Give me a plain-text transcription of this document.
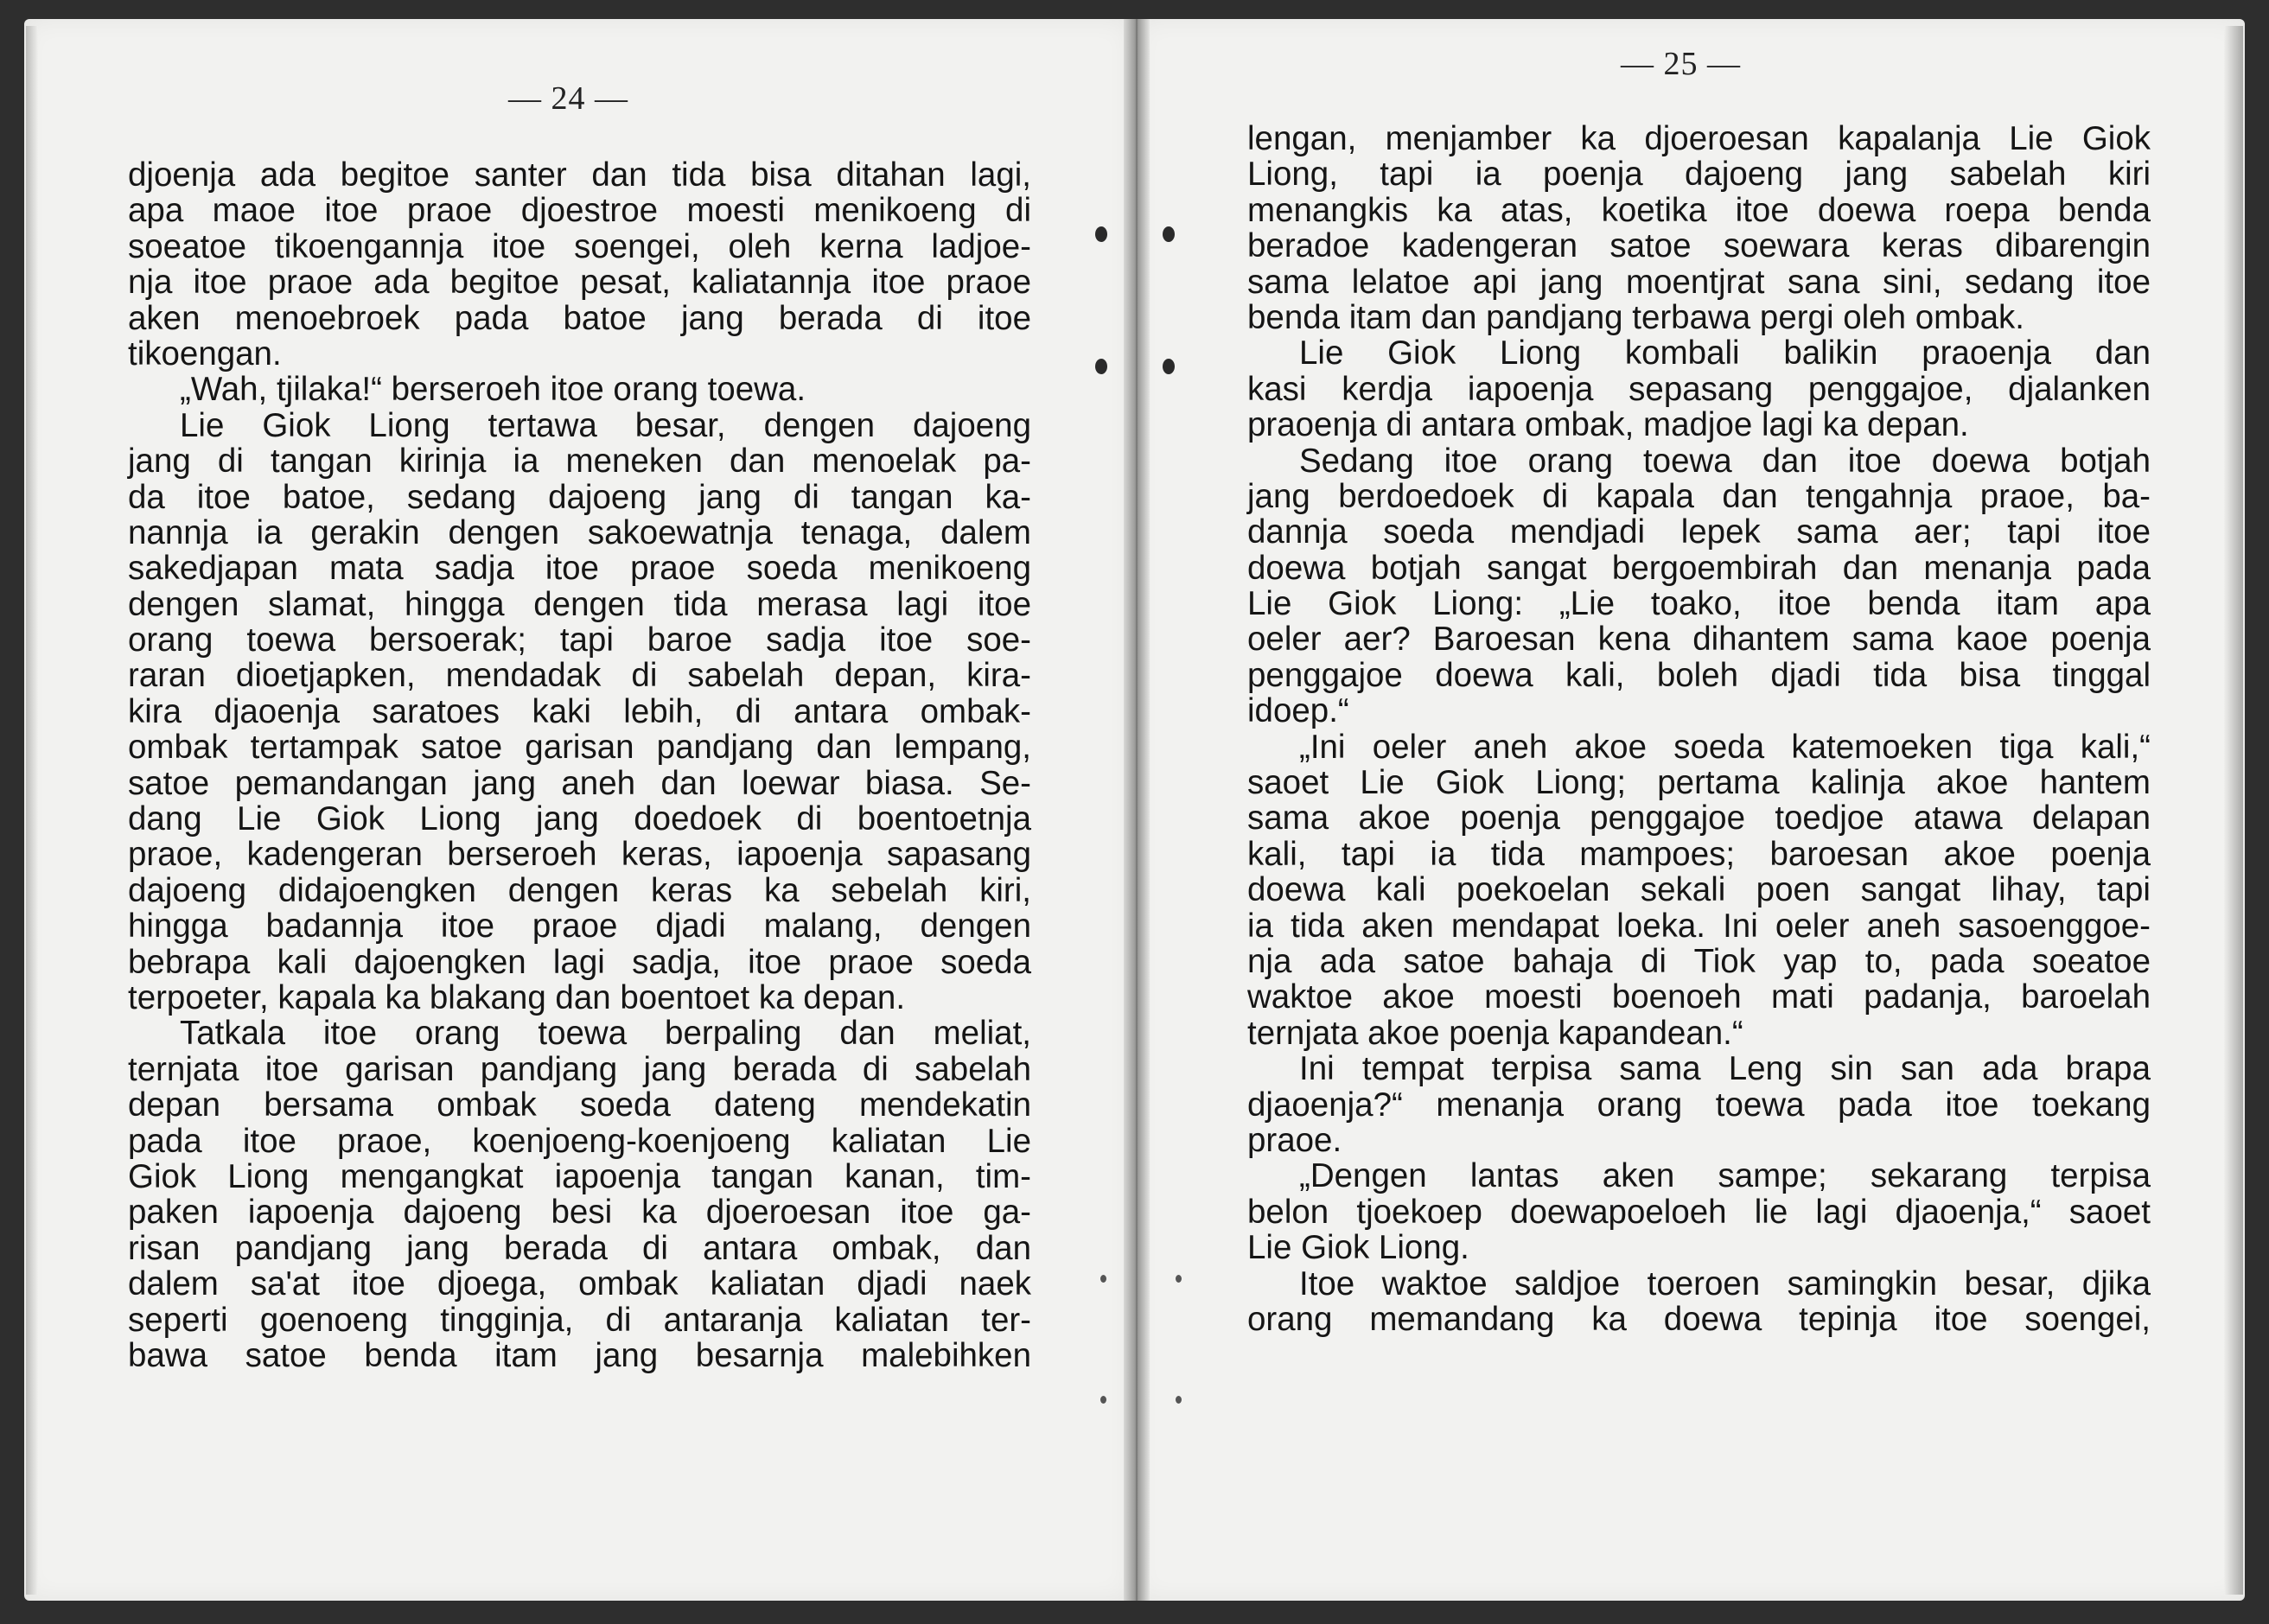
— 24 —
djoenja ada begitoe santer dan tida bisa ditahan lagi,
apa maoe itoe praoe djoestroe moesti menikoeng di
soeatoe tikoengannja itoe soengei, oleh kerna ladjoe-
nja itoe praoe ada begitoe pesat, kaliatannja itoe praoe
aken menoebroek pada batoe jang berada di itoe
tikoengan.
„Wah, tjilaka!“ berseroeh itoe orang toewa.
Lie Giok Liong tertawa besar, dengen dajoeng
jang di tangan kirinja ia meneken dan menoelak pa-
da itoe batoe, sedang dajoeng jang di tangan ka-
nannja ia gerakin dengen sakoewatnja tenaga, dalem
sakedjapan mata sadja itoe praoe soeda menikoeng
dengen slamat, hingga dengen tida merasa lagi itoe
orang toewa bersoerak; tapi baroe sadja itoe soe-
raran dioetjapken, mendadak di sabelah depan, kira-
kira djaoenja saratoes kaki lebih, di antara ombak-
ombak tertampak satoe garisan pandjang dan lempang,
satoe pemandangan jang aneh dan loewar biasa. Se-
dang Lie Giok Liong jang doedoek di boentoetnja
praoe, kadengeran berseroeh keras, iapoenja sapasang
dajoeng didajoengken dengen keras ka sebelah kiri,
hingga badannja itoe praoe djadi malang, dengen
bebrapa kali dajoengken lagi sadja, itoe praoe soeda
terpoeter, kapala ka blakang dan boentoet ka depan.
Tatkala itoe orang toewa berpaling dan meliat,
ternjata itoe garisan pandjang jang berada di sabelah
depan bersama ombak soeda dateng mendekatin
pada itoe praoe, koenjoeng-koenjoeng kaliatan Lie
Giok Liong mengangkat iapoenja tangan kanan, tim-
paken iapoenja dajoeng besi ka djoeroesan itoe ga-
risan pandjang jang berada di antara ombak, dan
dalem sa'at itoe djoega, ombak kaliatan djadi naek
seperti goenoeng tingginja, di antaranja kaliatan ter-
bawa satoe benda itam jang besarnja malebihken
— 25 —
lengan, menjamber ka djoeroesan kapalanja Lie Giok
Liong, tapi ia poenja dajoeng jang sabelah kiri
menangkis ka atas, koetika itoe doewa roepa benda
beradoe kadengeran satoe soewara keras dibarengin
sama lelatoe api jang moentjrat sana sini, sedang itoe
benda itam dan pandjang terbawa pergi oleh ombak.
Lie Giok Liong kombali balikin praoenja dan
kasi kerdja iapoenja sepasang penggajoe, djalanken
praoenja di antara ombak, madjoe lagi ka depan.
Sedang itoe orang toewa dan itoe doewa botjah
jang berdoedoek di kapala dan tengahnja praoe, ba-
dannja soeda mendjadi lepek sama aer; tapi itoe
doewa botjah sangat bergoembirah dan menanja pada
Lie Giok Liong: „Lie toako, itoe benda itam apa
oeler aer? Baroesan kena dihantem sama kaoe poenja
penggajoe doewa kali, boleh djadi tida bisa tinggal
idoep.“
„Ini oeler aneh akoe soeda katemoeken tiga kali,“
saoet Lie Giok Liong; pertama kalinja akoe hantem
sama akoe poenja penggajoe toedjoe atawa delapan
kali, tapi ia tida mampoes; baroesan akoe poenja
doewa kali poekoelan sekali poen sangat lihay, tapi
ia tida aken mendapat loeka. Ini oeler aneh sasoenggoe-
nja ada satoe bahaja di Tiok yap to, pada soeatoe
waktoe akoe moesti boenoeh mati padanja, baroelah
ternjata akoe poenja kapandean.“
Ini tempat terpisa sama Leng sin san ada brapa
djaoenja?“ menanja orang toewa pada itoe toekang
praoe.
„Dengen lantas aken sampe; sekarang terpisa
belon tjoekoep doewapoeloeh lie lagi djaoenja,“ saoet
Lie Giok Liong.
Itoe waktoe saldjoe toeroen samingkin besar, djika
orang memandang ka doewa tepinja itoe soengei,
